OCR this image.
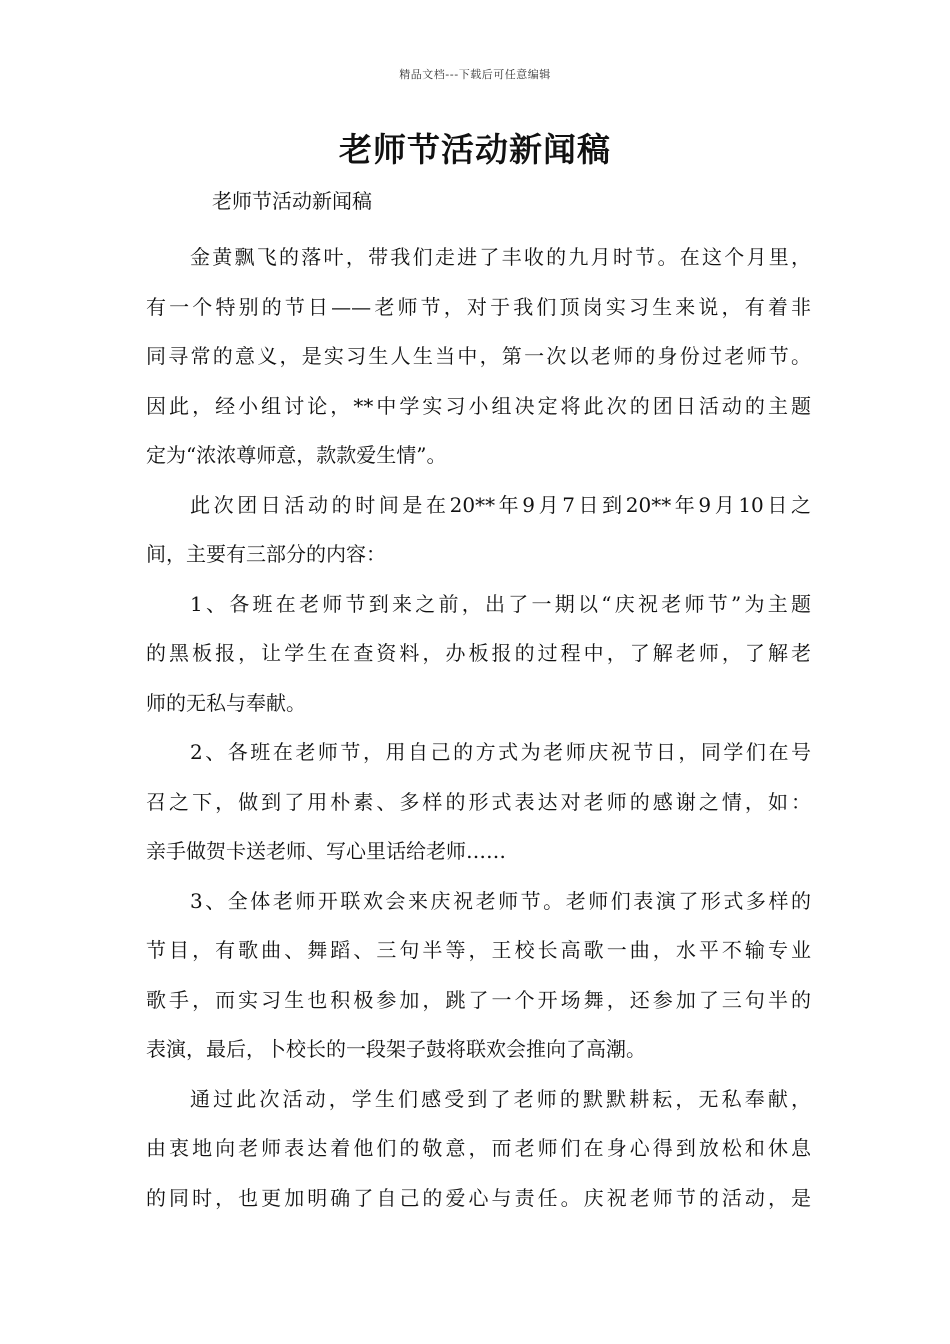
精品文档---下载后可任意编辑
老师节活动新闻稿
老师节活动新闻稿
金黄飘飞的落叶，带我们走进了丰收的九月时节。在这个月里，
有一个特别的节日——老师节，对于我们顶岗实习生来说，有着非
同寻常的意义，是实习生人生当中，第一次以老师的身份过老师节。
因此，经小组讨论，**中学实习小组决定将此次的团日活动的主题
定为“浓浓尊师意，款款爱生情”。
此次团日活动的时间是在20**年9月7日到20**年9月10日之
间，主要有三部分的内容：
1、各班在老师节到来之前，出了一期以“庆祝老师节”为主题
的黑板报，让学生在查资料，办板报的过程中，了解老师，了解老
师的无私与奉献。
2、各班在老师节，用自己的方式为老师庆祝节日，同学们在号
召之下，做到了用朴素、多样的形式表达对老师的感谢之情，如：
亲手做贺卡送老师、写心里话给老师……
3、全体老师开联欢会来庆祝老师节。老师们表演了形式多样的
节目，有歌曲、舞蹈、三句半等，王校长高歌一曲，水平不输专业
歌手，而实习生也积极参加，跳了一个开场舞，还参加了三句半的
表演，最后，卜校长的一段架子鼓将联欢会推向了高潮。
通过此次活动，学生们感受到了老师的默默耕耘，无私奉献，
由衷地向老师表达着他们的敬意，而老师们在身心得到放松和休息
的同时，也更加明确了自己的爱心与责任。庆祝老师节的活动，是
